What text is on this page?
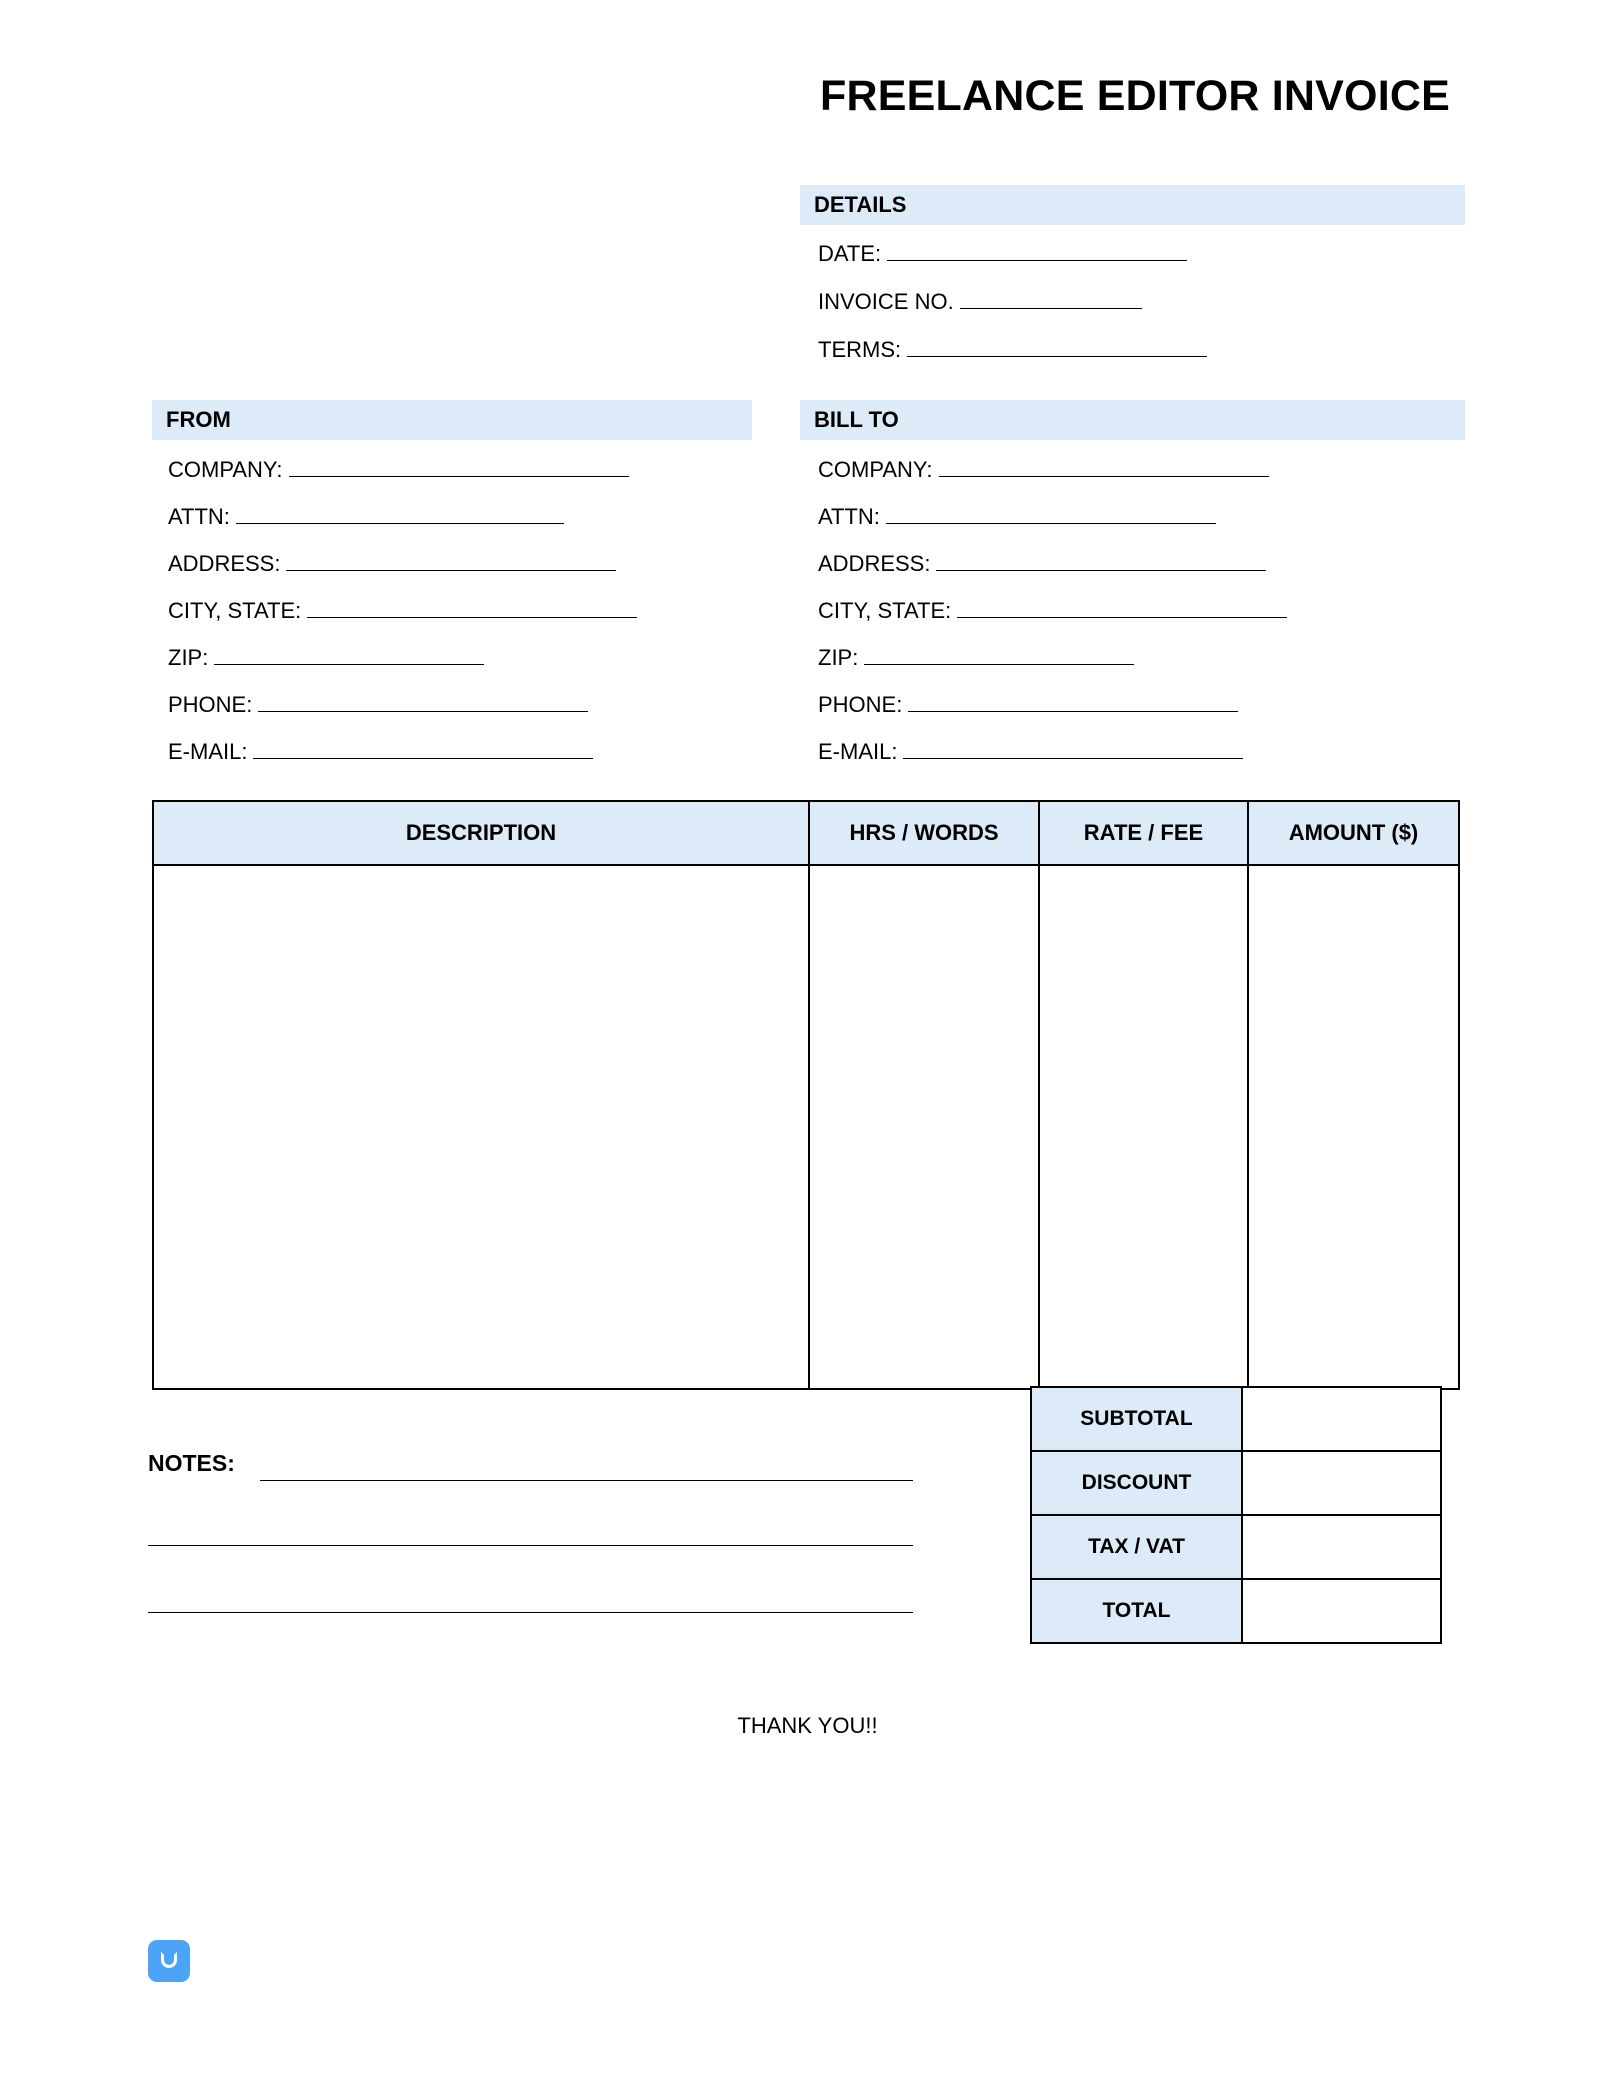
FREELANCE EDITOR INVOICE
DETAILS
DATE:
INVOICE NO.
TERMS:
FROM
COMPANY:
ATTN:
ADDRESS:
CITY, STATE:
ZIP:
PHONE:
E-MAIL:
BILL TO
COMPANY:
ATTN:
ADDRESS:
CITY, STATE:
ZIP:
PHONE:
E-MAIL:
DESCRIPTION	HRS / WORDS	RATE / FEE	AMOUNT ($)

SUBTOTAL	
DISCOUNT	
TAX / VAT	
TOTAL	
NOTES:
THANK YOU!!
